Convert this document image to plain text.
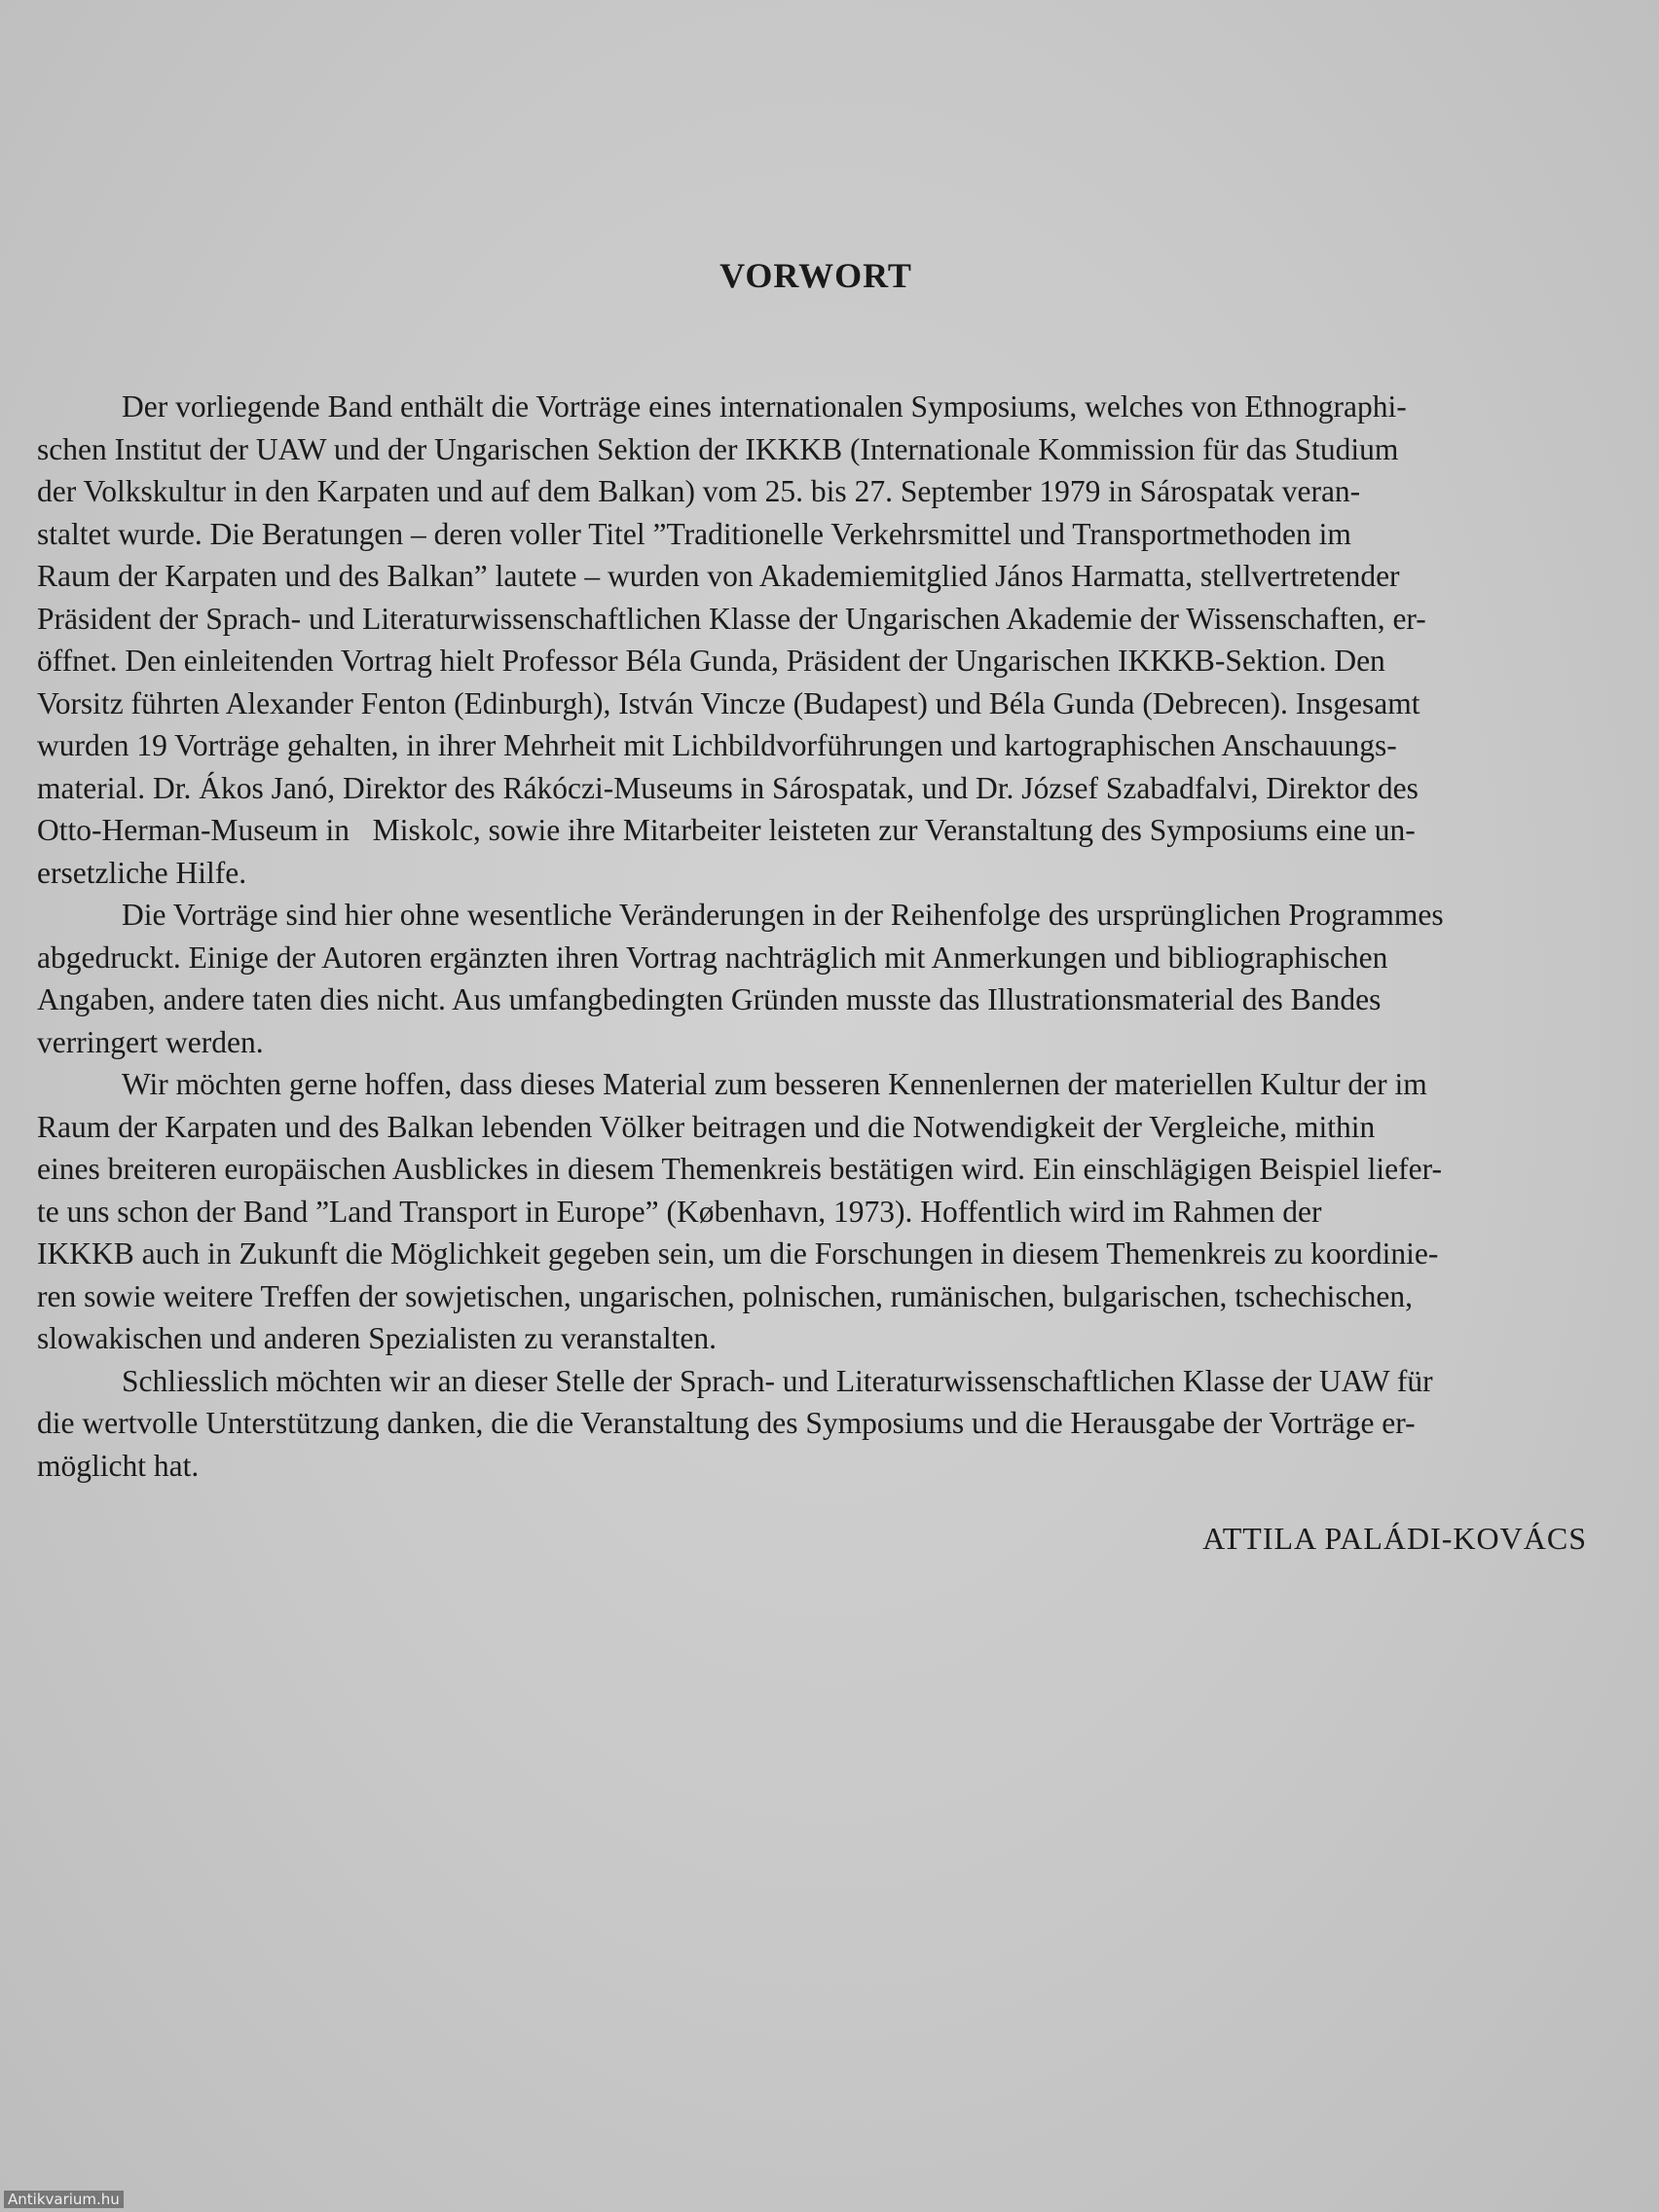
VORWORT
Der vorliegende Band enthält die Vorträge eines internationalen Symposiums, welches von Ethnographi-
schen Institut der UAW und der Ungarischen Sektion der IKKKB (Internationale Kommission für das Studium
der Volkskultur in den Karpaten und auf dem Balkan) vom 25. bis 27. September 1979 in Sárospatak veran-
staltet wurde. Die Beratungen – deren voller Titel ”Traditionelle Verkehrsmittel und Transportmethoden im
Raum der Karpaten und des Balkan” lautete – wurden von Akademiemitglied János Harmatta, stellvertretender
Präsident der Sprach- und Literaturwissenschaftlichen Klasse der Ungarischen Akademie der Wissenschaften, er-
öffnet. Den einleitenden Vortrag hielt Professor Béla Gunda, Präsident der Ungarischen IKKKB-Sektion. Den
Vorsitz führten Alexander Fenton (Edinburgh), István Vincze (Budapest) und Béla Gunda (Debrecen). Insgesamt
wurden 19 Vorträge gehalten, in ihrer Mehrheit mit Lichbildvorführungen und kartographischen Anschauungs-
material. Dr. Ákos Janó, Direktor des Rákóczi-Museums in Sárospatak, und Dr. József Szabadfalvi, Direktor des
Otto-Herman-Museum in   Miskolc, sowie ihre Mitarbeiter leisteten zur Veranstaltung des Symposiums eine un-
ersetzliche Hilfe.
Die Vorträge sind hier ohne wesentliche Veränderungen in der Reihenfolge des ursprünglichen Programmes
abgedruckt. Einige der Autoren ergänzten ihren Vortrag nachträglich mit Anmerkungen und bibliographischen
Angaben, andere taten dies nicht. Aus umfangbedingten Gründen musste das Illustrationsmaterial des Bandes
verringert werden.
Wir möchten gerne hoffen, dass dieses Material zum besseren Kennenlernen der materiellen Kultur der im
Raum der Karpaten und des Balkan lebenden Völker beitragen und die Notwendigkeit der Vergleiche, mithin
eines breiteren europäischen Ausblickes in diesem Themenkreis bestätigen wird. Ein einschlägigen Beispiel liefer-
te uns schon der Band ”Land Transport in Europe” (København, 1973). Hoffentlich wird im Rahmen der
IKKKB auch in Zukunft die Möglichkeit gegeben sein, um die Forschungen in diesem Themenkreis zu koordinie-
ren sowie weitere Treffen der sowjetischen, ungarischen, polnischen, rumänischen, bulgarischen, tschechischen,
slowakischen und anderen Spezialisten zu veranstalten.
Schliesslich möchten wir an dieser Stelle der Sprach- und Literaturwissenschaftlichen Klasse der UAW für
die wertvolle Unterstützung danken, die die Veranstaltung des Symposiums und die Herausgabe der Vorträge er-
möglicht hat.
ATTILA PALÁDI-KOVÁCS
Antikvarium.hu
